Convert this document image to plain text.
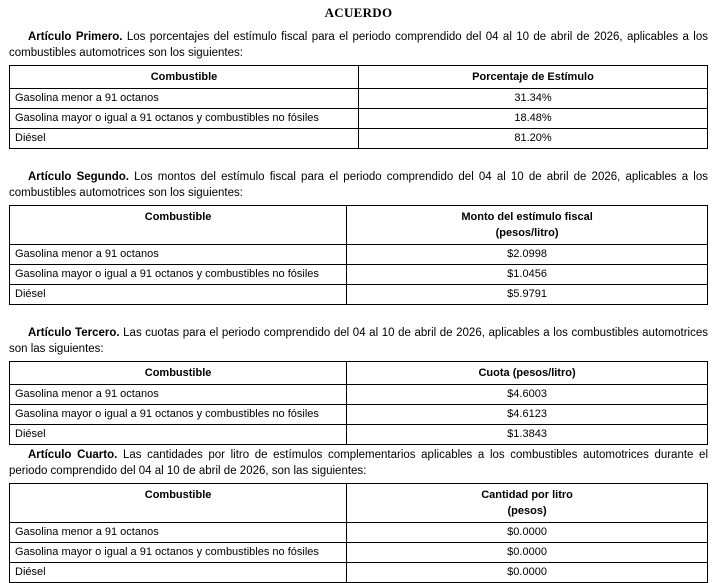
ACUERDO

Artículo Primero. Los porcentajes del estímulo fiscal para el periodo comprendido del 04 al 10 de abril de 2026, aplicables a los combustibles automotrices son los siguientes:

Combustible	Porcentaje de Estímulo

Gasolina menor a 91 octanos	31.34%
Gasolina mayor o igual a 91 octanos y combustibles no fósiles	18.48%
Diésel	81.20%

Artículo Segundo. Los montos del estímulo fiscal para el periodo comprendido del 04 al 10 de abril de 2026, aplicables a los combustibles automotrices son los siguientes:

Combustible	Monto del estímulo fiscal
(pesos/litro)

Gasolina menor a 91 octanos	$2.0998
Gasolina mayor o igual a 91 octanos y combustibles no fósiles	$1.0456
Diésel	$5.9791

Artículo Tercero. Las cuotas para el periodo comprendido del 04 al 10 de abril de 2026, aplicables a los combustibles automotrices son las siguientes:

Combustible	Cuota (pesos/litro)

Gasolina menor a 91 octanos	$4.6003
Gasolina mayor o igual a 91 octanos y combustibles no fósiles	$4.6123
Diésel	$1.3843

Artículo Cuarto. Las cantidades por litro de estímulos complementarios aplicables a los combustibles automotrices durante el periodo comprendido del 04 al 10 de abril de 2026, son las siguientes:

Combustible	Cantidad por litro
(pesos)

Gasolina menor a 91 octanos	$0.0000
Gasolina mayor o igual a 91 octanos y combustibles no fósiles	$0.0000
Diésel	$0.0000
